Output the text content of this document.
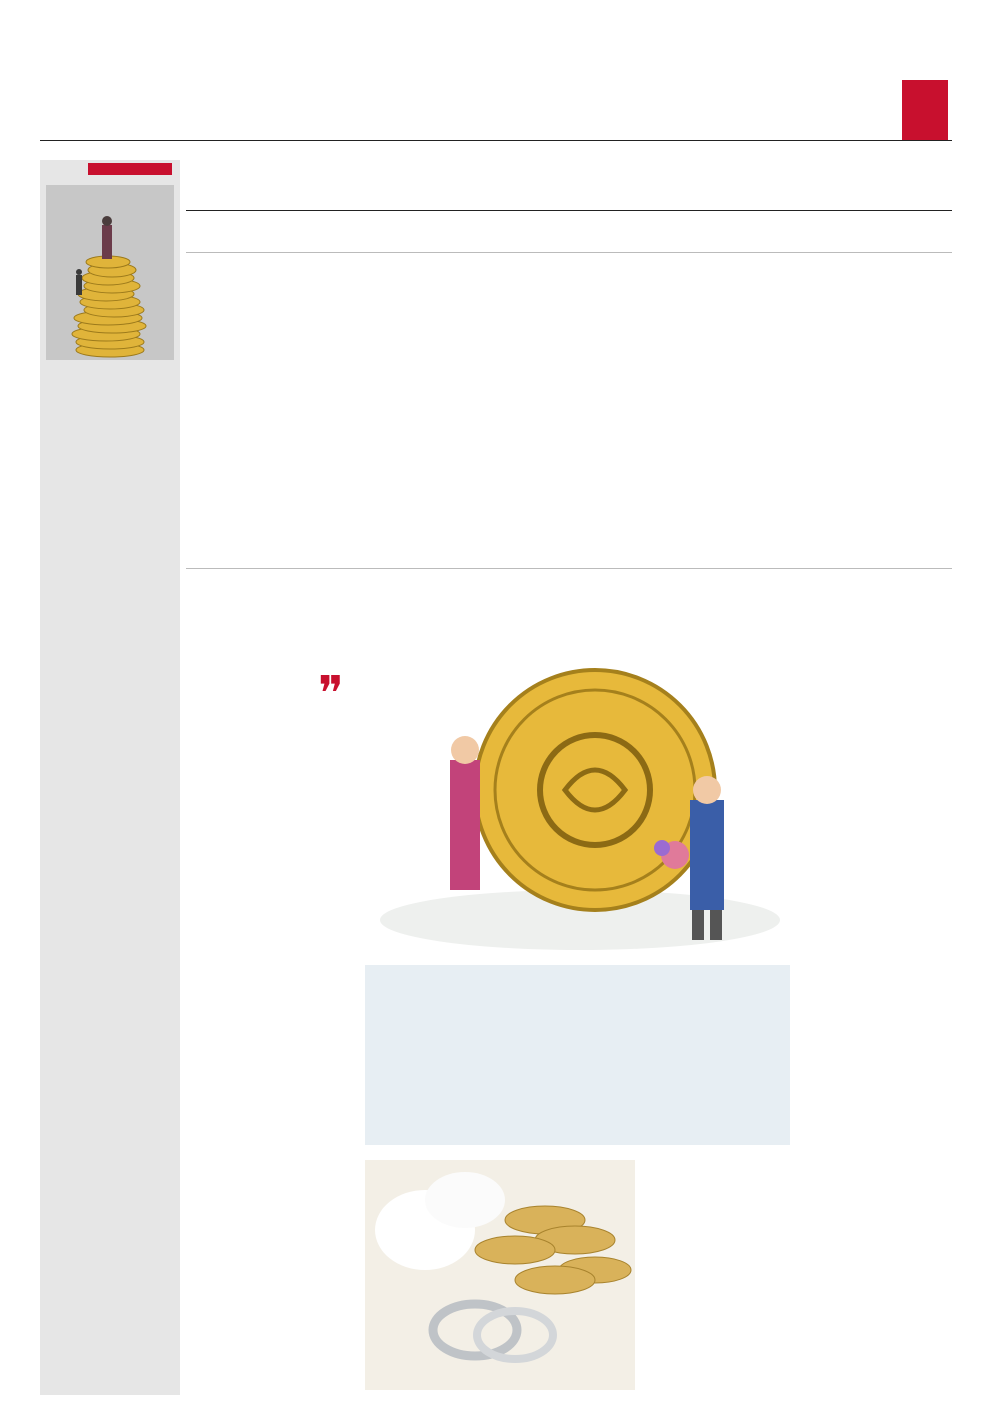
❞
